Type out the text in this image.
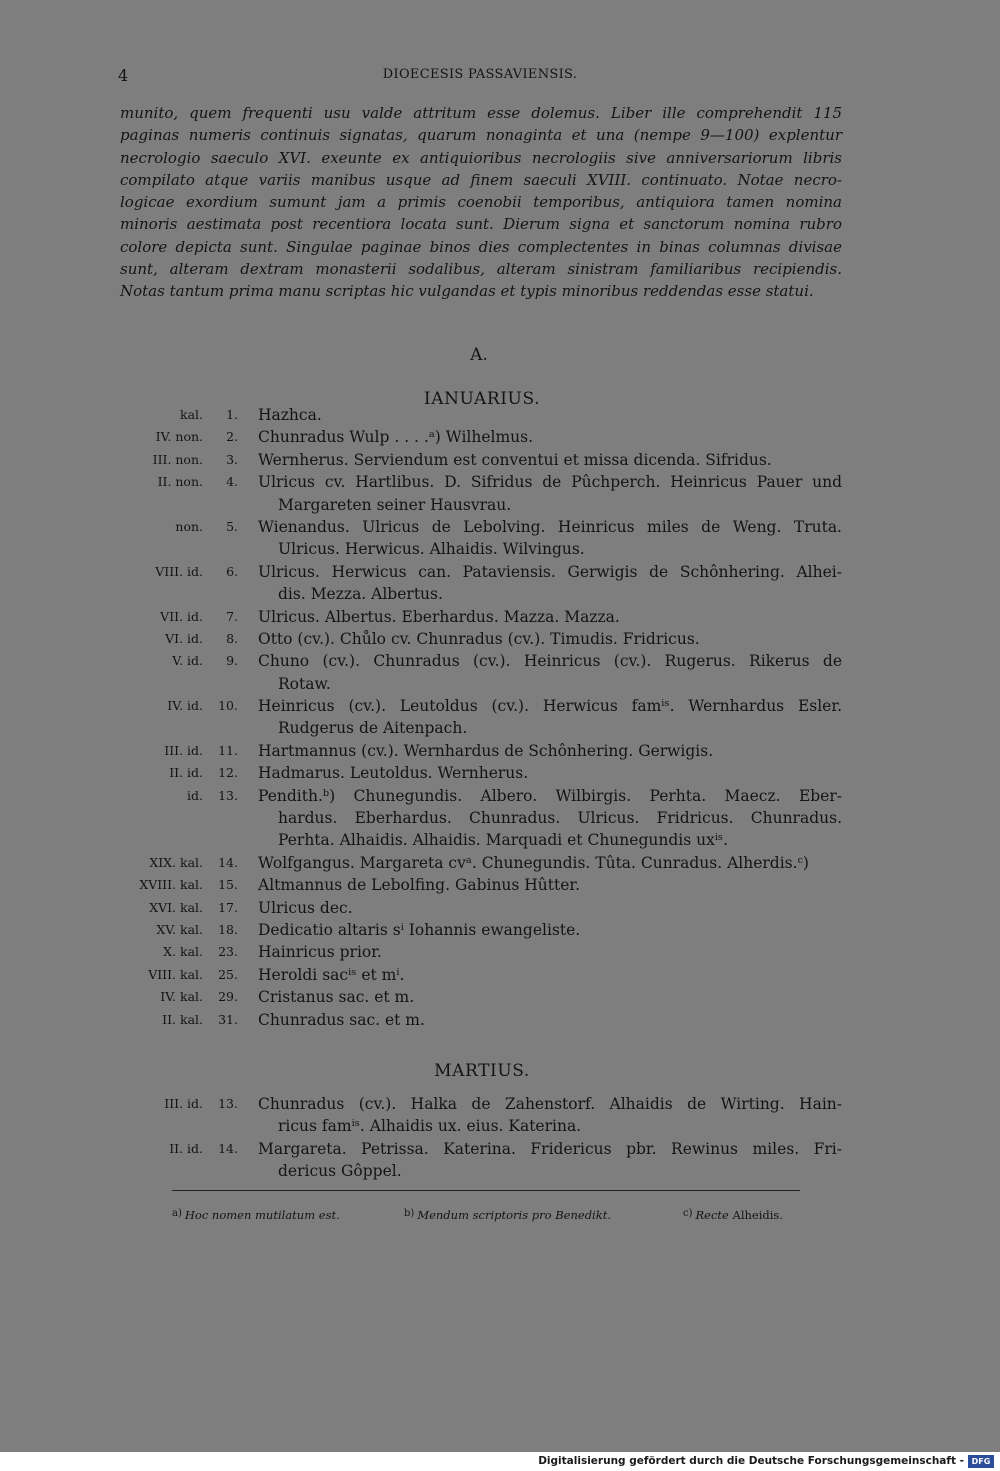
4	DIOECESIS PASSAVIENSIS.
munito, quem frequenti usu valde attritum esse dolemus. Liber ille comprehendit 115
paginas numeris continuis signatas, quarum nonaginta et una (nempe 9—100) explentur
necrologio saeculo XVI. exeunte ex antiquioribus necrologiis sive anniversariorum libris
compilato atque variis manibus usque ad finem saeculi XVIII. continuato. Notae necro-
logicae exordium sumunt jam a primis coenobii temporibus, antiquiora tamen nomina
minoris aestimata post recentiora locata sunt. Dierum signa et sanctorum nomina rubro
colore depicta sunt. Singulae paginae binos dies complectentes in binas columnas divisae
sunt, alteram dextram monasterii sodalibus, alteram sinistram familiaribus recipiendis.
Notas tantum prima manu scriptas hic vulgandas et typis minoribus reddendas esse statui.
A.
IANUARIUS.
kal.	1. Hazhca.
IV. non.	2. Chunradus Wulp . . . .ᵃ) Wilhelmus.
III. non.	3. Wernherus. Serviendum est conventui et missa dicenda. Sifridus.
II. non.	4. Ulricus cv. Hartlibus. D. Sifridus de Pûchperch. Heinricus Pauer und
Margareten seiner Hausvrau.
non.	5. Wienandus. Ulricus de Lebolving. Heinricus miles de Weng. Truta.
Ulricus. Herwicus. Alhaidis. Wilvingus.
VIII. id.	6. Ulricus. Herwicus can. Pataviensis. Gerwigis de Schônhering. Alhei-
dis. Mezza. Albertus.
VII. id.	7. Ulricus. Albertus. Eberhardus. Mazza. Mazza.
VI. id.	8. Otto (cv.). Chůlo cv. Chunradus (cv.). Timudis. Fridricus.
V. id.	9. Chuno (cv.). Chunradus (cv.). Heinricus (cv.). Rugerus. Rikerus de
Rotaw.
IV. id.	10. Heinricus (cv.). Leutoldus (cv.). Herwicus famⁱˢ. Wernhardus Esler.
Rudgerus de Aitenpach.
III. id.	11. Hartmannus (cv.). Wernhardus de Schônhering. Gerwigis.
II. id.	12. Hadmarus. Leutoldus. Wernherus.
id.	13. Pendith.ᵇ) Chunegundis. Albero. Wilbirgis. Perhta. Maecz. Eber-
hardus. Eberhardus. Chunradus. Ulricus. Fridricus. Chunradus.
Perhta. Alhaidis. Alhaidis. Marquadi et Chunegundis uxⁱˢ.
XIX. kal.	14. Wolfgangus. Margareta cvᵃ. Chunegundis. Tûta. Cunradus. Alherdis.ᶜ)
XVIII. kal.	15. Altmannus de Lebolfing. Gabinus Hûtter.
XVI. kal.	17. Ulricus dec.
XV. kal.	18. Dedicatio altaris sⁱ Iohannis ewangeliste.
X. kal.	23. Hainricus prior.
VIII. kal.	25. Heroldi sacⁱˢ et mⁱ.
IV. kal.	29. Cristanus sac. et m.
II. kal.	31. Chunradus sac. et m.
MARTIUS.
III. id.	13. Chunradus (cv.). Halka de Zahenstorf. Alhaidis de Wirting. Hain-
ricus famⁱˢ. Alhaidis ux. eius. Katerina.
II. id.	14. Margareta. Petrissa. Katerina. Fridericus pbr. Rewinus miles. Fri-
dericus Gôppel.
a) Hoc nomen mutilatum est.	b) Mendum scriptoris pro Benedikt.	c) Recte Alheidis.
Digitalisierung gefördert durch die Deutsche Forschungsgemeinschaft - DFG
